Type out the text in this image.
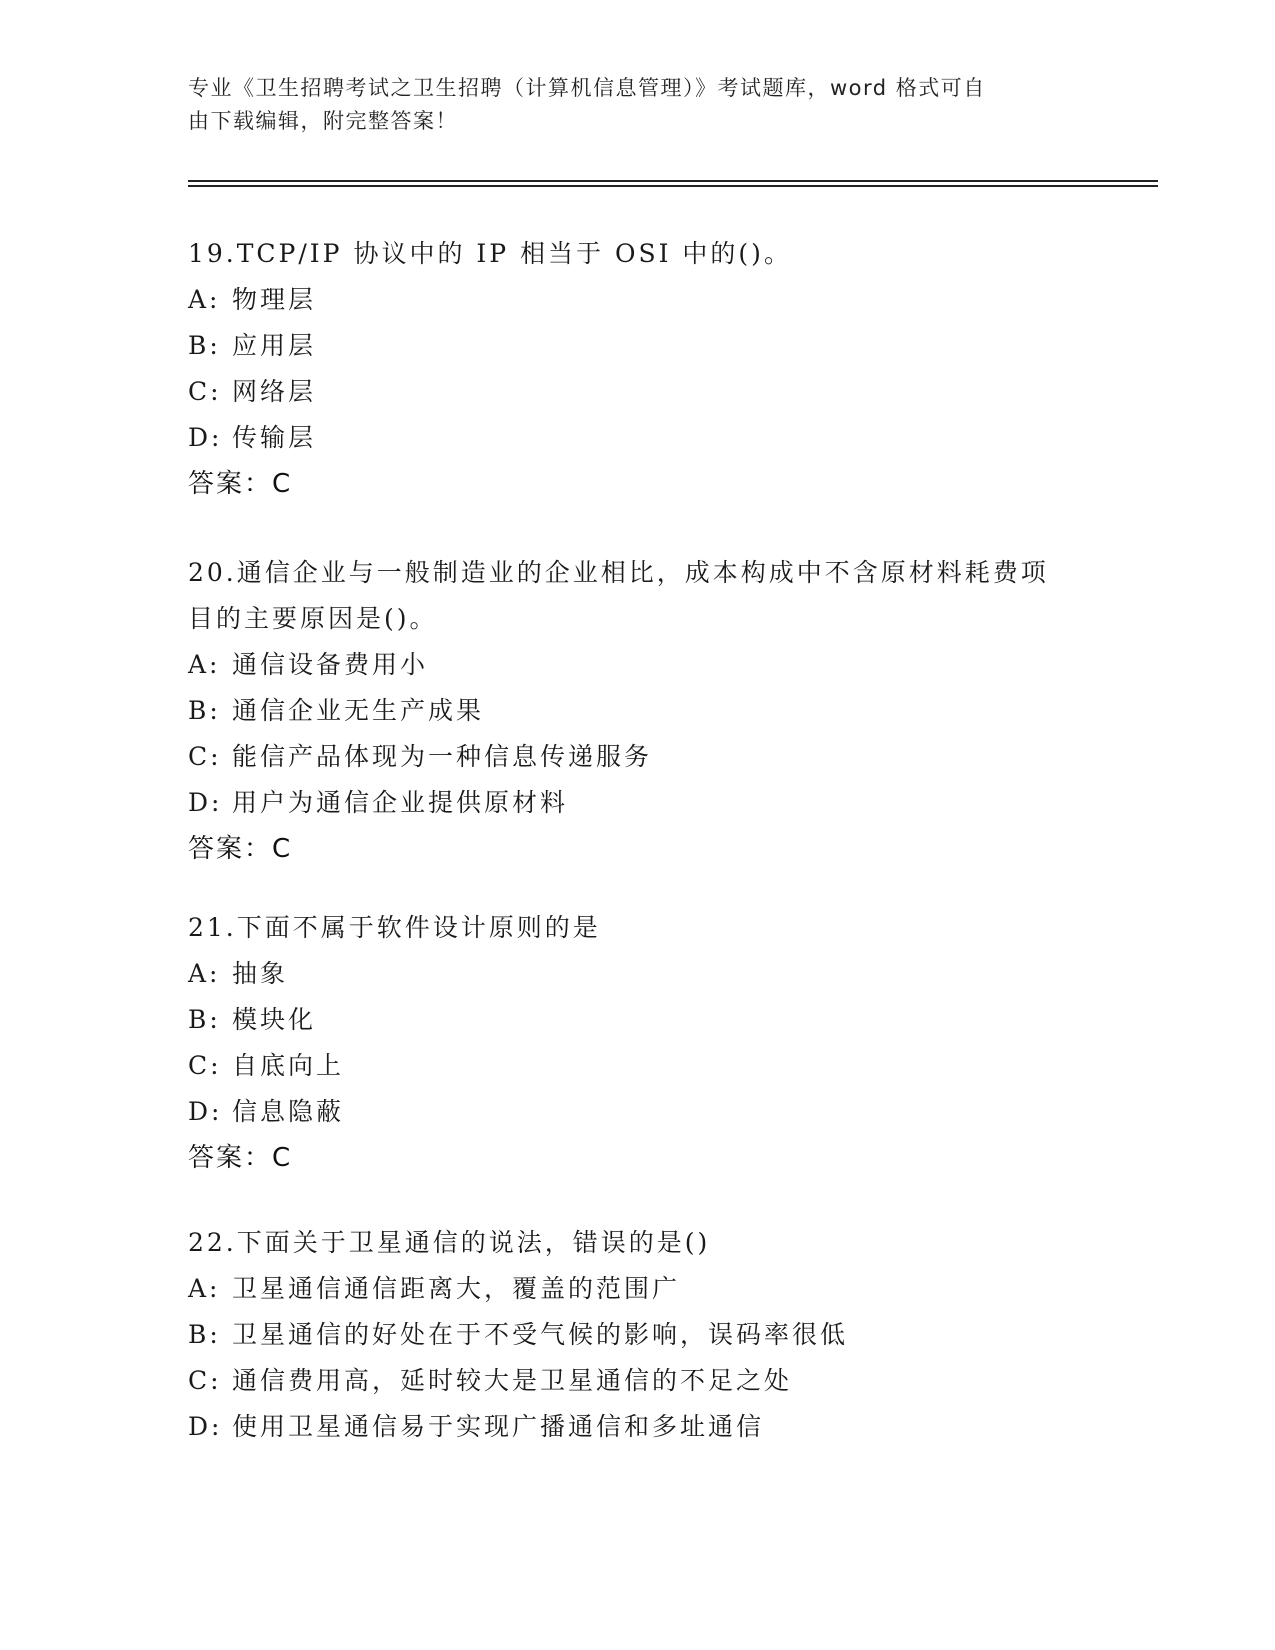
专业《卫生招聘考试之卫生招聘（计算机信息管理）》考试题库，word 格式可自
由下载编辑，附完整答案！

19.TCP/IP 协议中的 IP 相当于 OSI 中的()。

A: 物理层

B: 应用层

C: 网络层

D: 传输层

答案：C

20.通信企业与一般制造业的企业相比，成本构成中不含原材料耗费项

目的主要原因是()。

A: 通信设备费用小

B: 通信企业无生产成果

C: 能信产品体现为一种信息传递服务

D: 用户为通信企业提供原材料

答案：C

21.下面不属于软件设计原则的是

A: 抽象

B: 模块化

C: 自底向上

D: 信息隐蔽

答案：C

22.下面关于卫星通信的说法，错误的是()

A: 卫星通信通信距离大，覆盖的范围广

B: 卫星通信的好处在于不受气候的影响，误码率很低

C: 通信费用高，延时较大是卫星通信的不足之处

D: 使用卫星通信易于实现广播通信和多址通信
